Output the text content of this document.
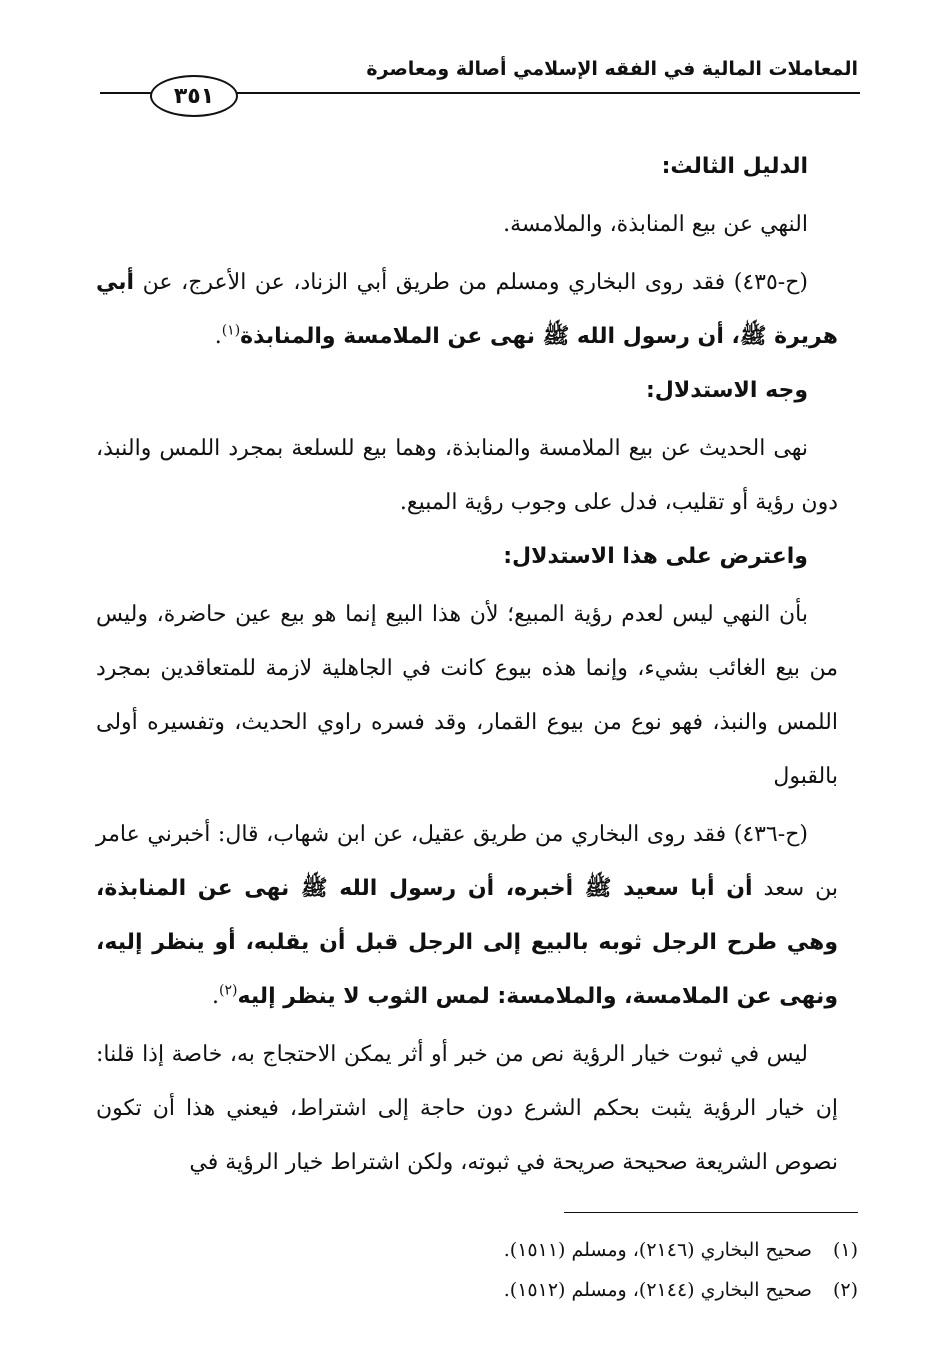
المعاملات المالية في الفقه الإسلامي أصالة ومعاصرة
٣٥١

الدليل الثالث:

النهي عن بيع المنابذة، والملامسة.

(ح-٤٣٥) فقد روى البخاري ومسلم من طريق أبي الزناد، عن الأعرج، عن أبي هريرة ﷺ، أن رسول الله ﷺ نهى عن الملامسة والمنابذة$^{(١)}$.

وجه الاستدلال:

نهى الحديث عن بيع الملامسة والمنابذة، وهما بيع للسلعة بمجرد اللمس والنبذ، دون رؤية أو تقليب، فدل على وجوب رؤية المبيع.

واعترض على هذا الاستدلال:

بأن النهي ليس لعدم رؤية المبيع؛ لأن هذا البيع إنما هو بيع عين حاضرة، وليس من بيع الغائب بشيء، وإنما هذه بيوع كانت في الجاهلية لازمة للمتعاقدين بمجرد اللمس والنبذ، فهو نوع من بيوع القمار، وقد فسره راوي الحديث، وتفسيره أولى بالقبول

(ح-٤٣٦) فقد روى البخاري من طريق عقيل، عن ابن شهاب، قال: أخبرني عامر بن سعد أن أبا سعيد ﷺ أخبره، أن رسول الله ﷺ نهى عن المنابذة، وهي طرح الرجل ثوبه بالبيع إلى الرجل قبل أن يقلبه، أو ينظر إليه، ونهى عن الملامسة، والملامسة: لمس الثوب لا ينظر إليه$^{(٢)}$.

ليس في ثبوت خيار الرؤية نص من خبر أو أثر يمكن الاحتجاج به، خاصة إذا قلنا: إن خيار الرؤية يثبت بحكم الشرع دون حاجة إلى اشتراط، فيعني هذا أن تكون نصوص الشريعة صحيحة صريحة في ثبوته، ولكن اشتراط خيار الرؤية في

(١) صحيح البخاري (٢١٤٦)، ومسلم (١٥١١).

(٢) صحيح البخاري (٢١٤٤)، ومسلم (١٥١٢).
